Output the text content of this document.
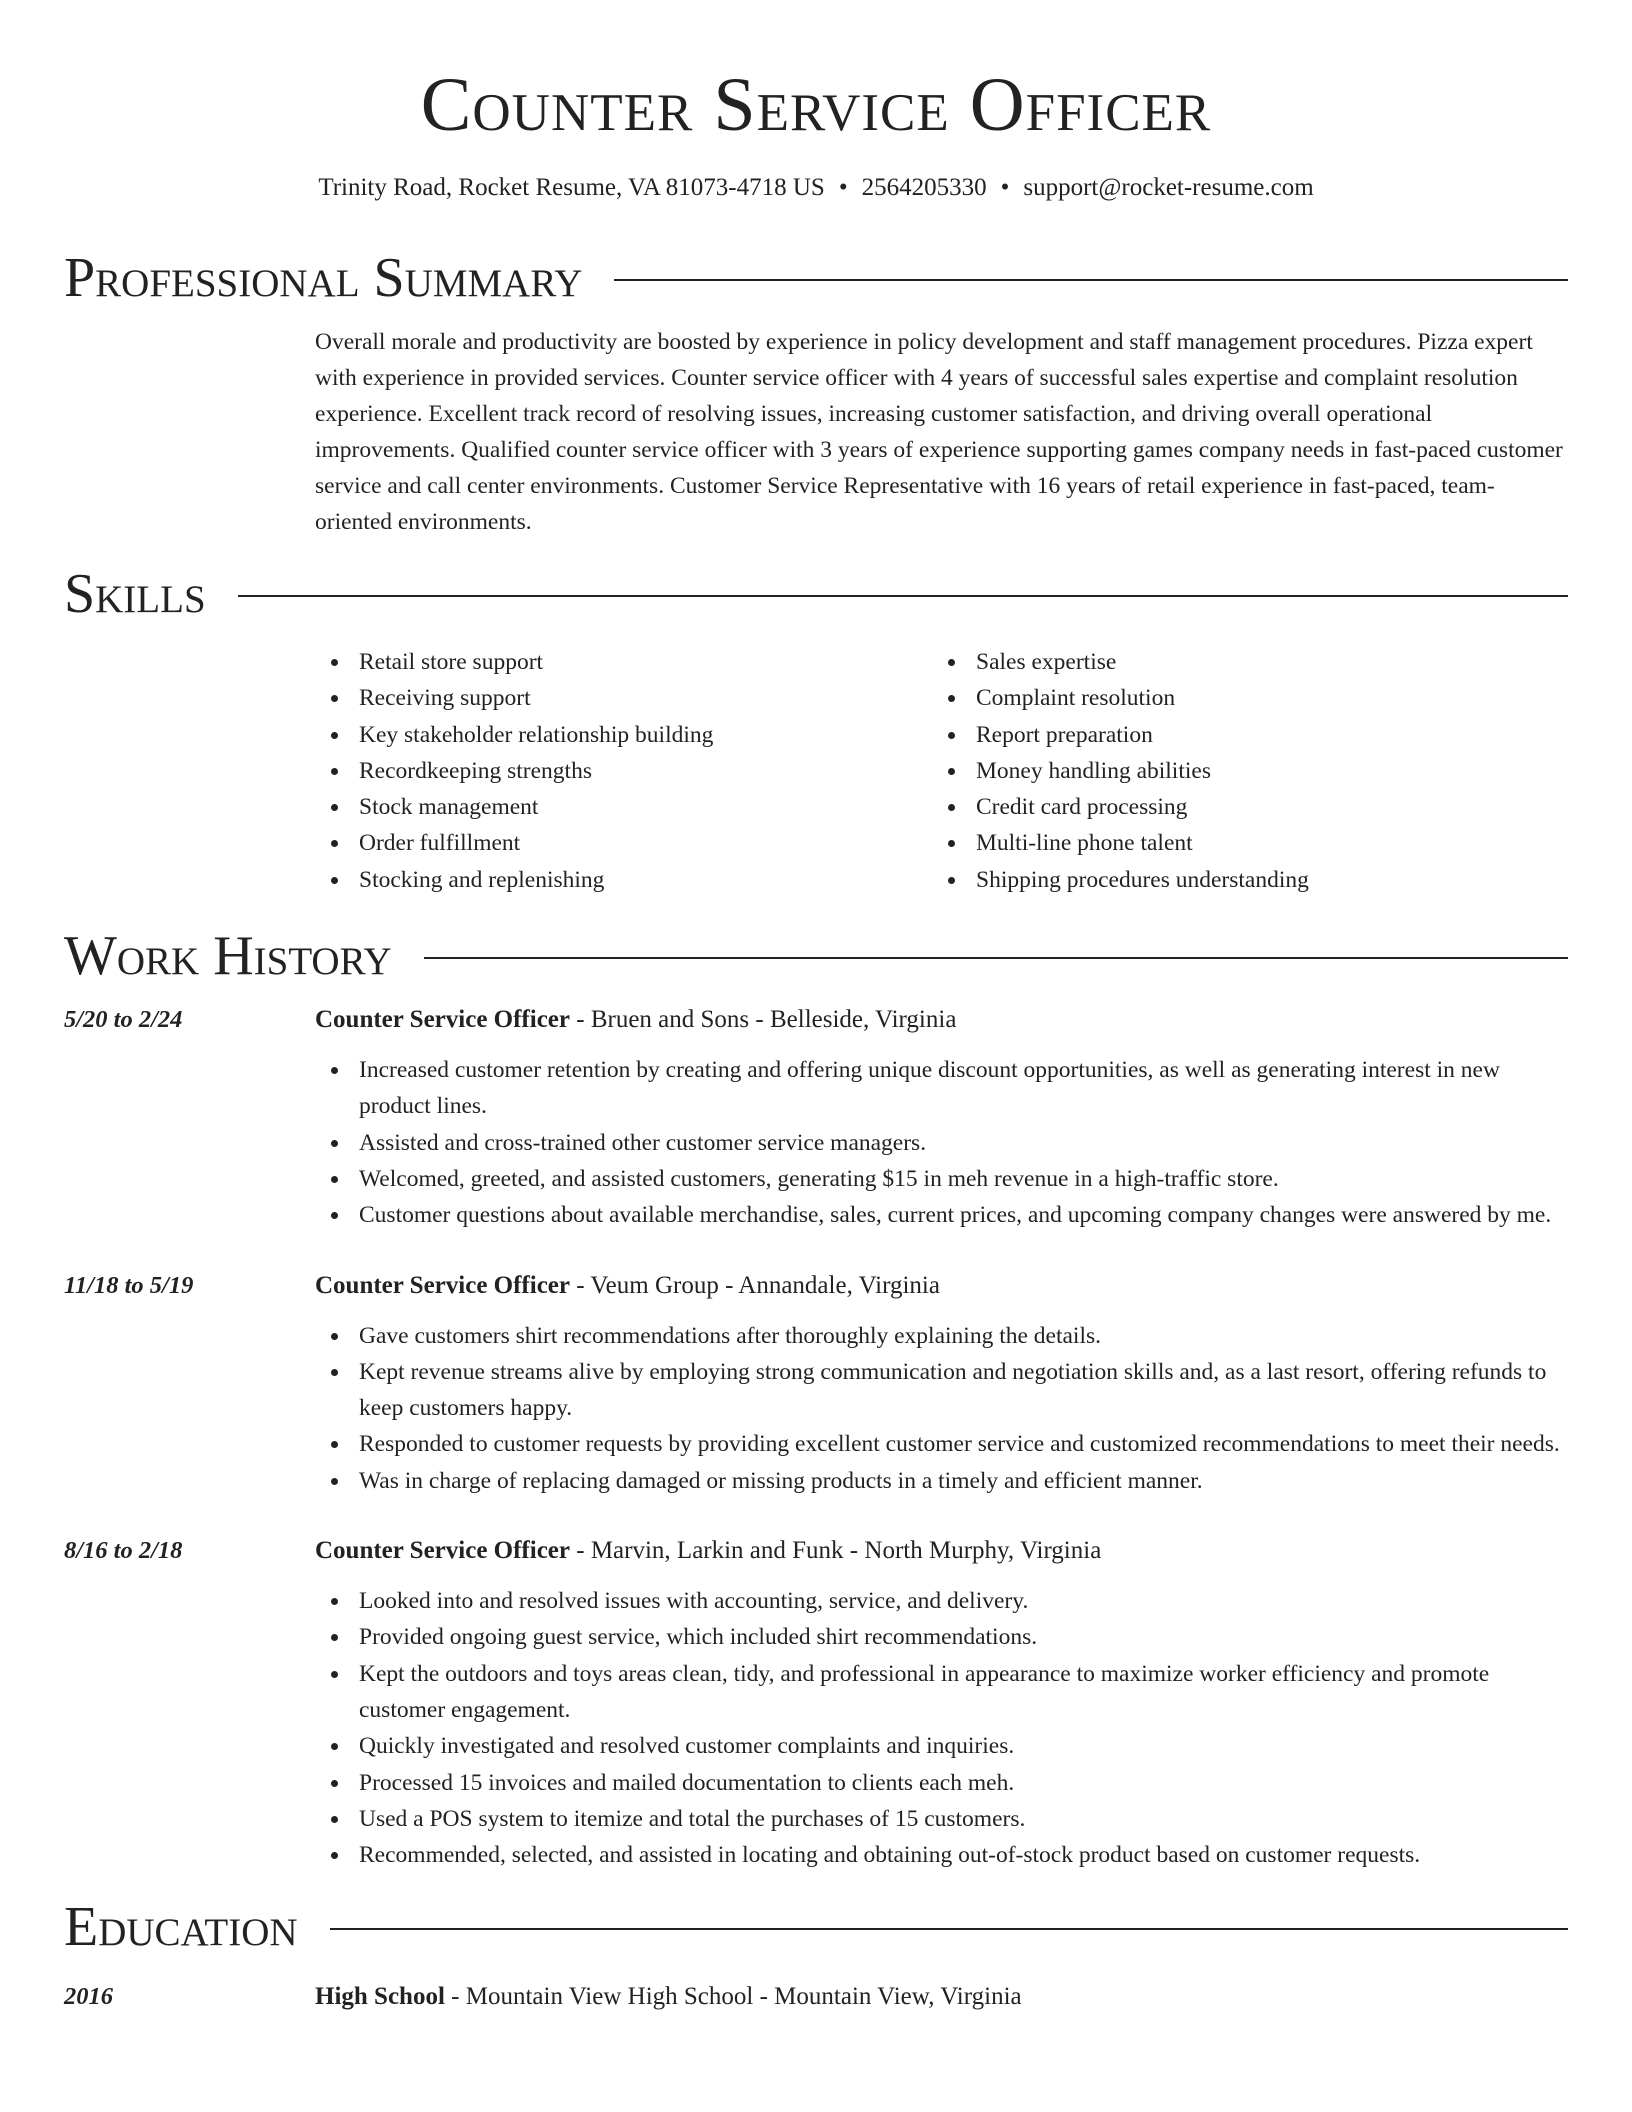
Counter Service Officer
Trinity Road, Rocket Resume, VA 81073-4718 US • 2564205330 • support@rocket-resume.com
Professional Summary

Overall morale and productivity are boosted by experience in policy development and staff management procedures. Pizza expert with experience in provided services. Counter service officer with 4 years of successful sales expertise and complaint resolution experience. Excellent track record of resolving issues, increasing customer satisfaction, and driving overall operational improvements. Qualified counter service officer with 3 years of experience supporting games company needs in fast-paced customer service and call center environments. Customer Service Representative with 16 years of retail experience in fast-paced, team-oriented environments.

Skills
Retail store support
Receiving support
Key stakeholder relationship building
Recordkeeping strengths
Stock management
Order fulfillment
Stocking and replenishing
Sales expertise
Complaint resolution
Report preparation
Money handling abilities
Credit card processing
Multi-line phone talent
Shipping procedures understanding
Work History
5/20 to 2/24	Counter Service Officer - Bruen and Sons - Belleside, Virginia
Increased customer retention by creating and offering unique discount opportunities, as well as generating interest in new product lines.
Assisted and cross-trained other customer service managers.
Welcomed, greeted, and assisted customers, generating $15 in meh revenue in a high-traffic store.
Customer questions about available merchandise, sales, current prices, and upcoming company changes were answered by me.
11/18 to 5/19	Counter Service Officer - Veum Group - Annandale, Virginia
Gave customers shirt recommendations after thoroughly explaining the details.
Kept revenue streams alive by employing strong communication and negotiation skills and, as a last resort, offering refunds to keep customers happy.
Responded to customer requests by providing excellent customer service and customized recommendations to meet their needs.
Was in charge of replacing damaged or missing products in a timely and efficient manner.
8/16 to 2/18	Counter Service Officer - Marvin, Larkin and Funk - North Murphy, Virginia
Looked into and resolved issues with accounting, service, and delivery.
Provided ongoing guest service, which included shirt recommendations.
Kept the outdoors and toys areas clean, tidy, and professional in appearance to maximize worker efficiency and promote customer engagement.
Quickly investigated and resolved customer complaints and inquiries.
Processed 15 invoices and mailed documentation to clients each meh.
Used a POS system to itemize and total the purchases of 15 customers.
Recommended, selected, and assisted in locating and obtaining out-of-stock product based on customer requests.
Education
2016	High School - Mountain View High School - Mountain View, Virginia
